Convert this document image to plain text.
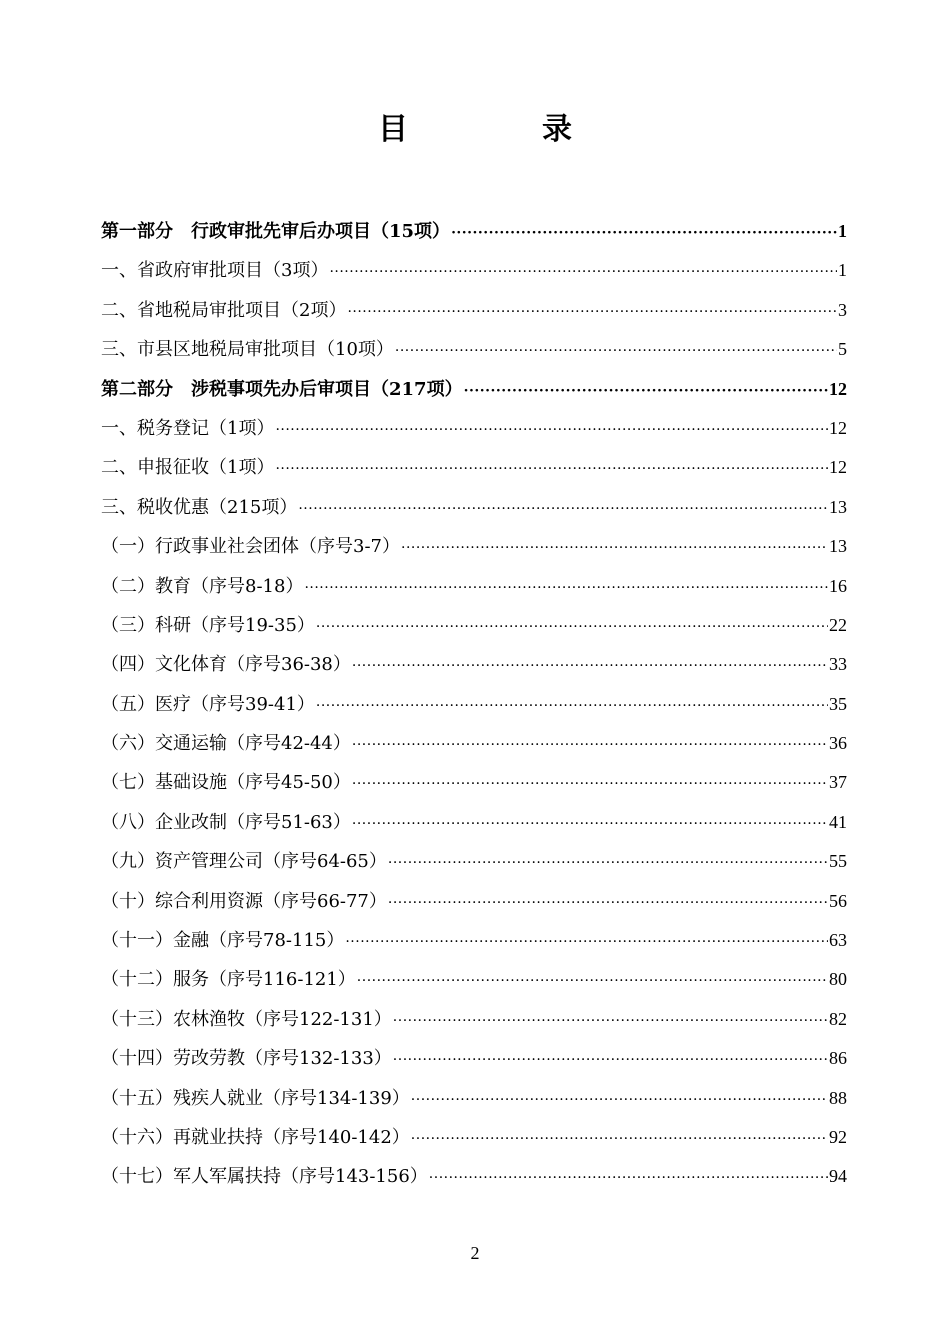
目　录
第一部分　行政审批先审后办项目（15项） ·····	1
一、省政府审批项目（3项） ·····	1
二、省地税局审批项目（2项） ·····	3
三、市县区地税局审批项目（10项） ·····	5
第二部分　涉税事项先办后审项目（217项） ·····	12
一、税务登记（1项） ·····	12
二、申报征收（1项） ·····	12
三、税收优惠（215项） ·····	13
（一）行政事业社会团体（序号3-7） ·····	13
（二）教育（序号8-18） ·····	16
（三）科研（序号19-35） ·····	22
（四）文化体育（序号36-38） ·····	33
（五）医疗（序号39-41） ·····	35
（六）交通运输（序号42-44） ·····	36
（七）基础设施（序号45-50） ·····	37
（八）企业改制（序号51-63） ·····	41
（九）资产管理公司（序号64-65） ·····	55
（十）综合利用资源（序号66-77） ·····	56
（十一）金融（序号78-115） ·····	63
（十二）服务（序号116-121） ·····	80
（十三）农林渔牧（序号122-131） ·····	82
（十四）劳改劳教（序号132-133） ·····	86
（十五）残疾人就业（序号134-139） ·····	88
（十六）再就业扶持（序号140-142） ·····	92
（十七）军人军属扶持（序号143-156） ·····	94
2
